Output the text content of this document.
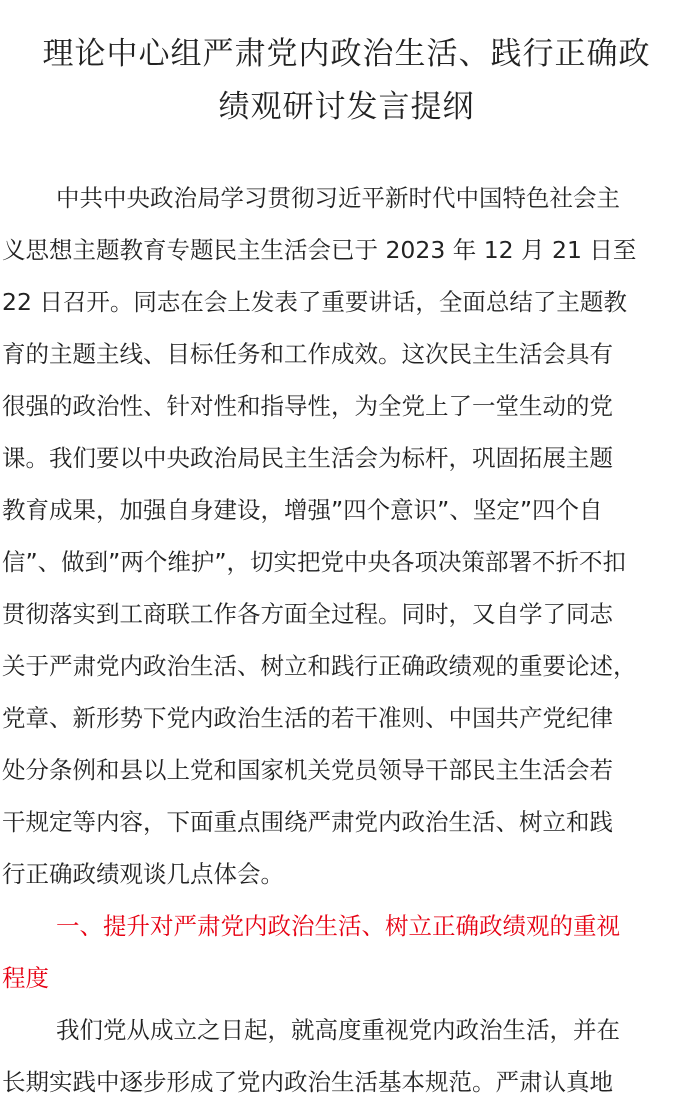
理论中心组严肃党内政治生活、践行正确政
绩观研讨发言提纲

中共中央政治局学习贯彻习近平新时代中国特色社会主
义思想主题教育专题民主生活会已于 2023 年 12 月 21 日至
22 日召开。同志在会上发表了重要讲话，全面总结了主题教
育的主题主线、目标任务和工作成效。这次民主生活会具有
很强的政治性、针对性和指导性，为全党上了一堂生动的党
课。我们要以中央政治局民主生活会为标杆，巩固拓展主题
教育成果，加强自身建设，增强”四个意识”、坚定”四个自
信”、做到”两个维护”，切实把党中央各项决策部署不折不扣
贯彻落实到工商联工作各方面全过程。同时，又自学了同志
关于严肃党内政治生活、树立和践行正确政绩观的重要论述，
党章、新形势下党内政治生活的若干准则、中国共产党纪律
处分条例和县以上党和国家机关党员领导干部民主生活会若
干规定等内容，下面重点围绕严肃党内政治生活、树立和践
行正确政绩观谈几点体会。

一、提升对严肃党内政治生活、树立正确政绩观的重视
程度

我们党从成立之日起，就高度重视党内政治生活，并在
长期实践中逐步形成了党内政治生活基本规范。严肃认真地
